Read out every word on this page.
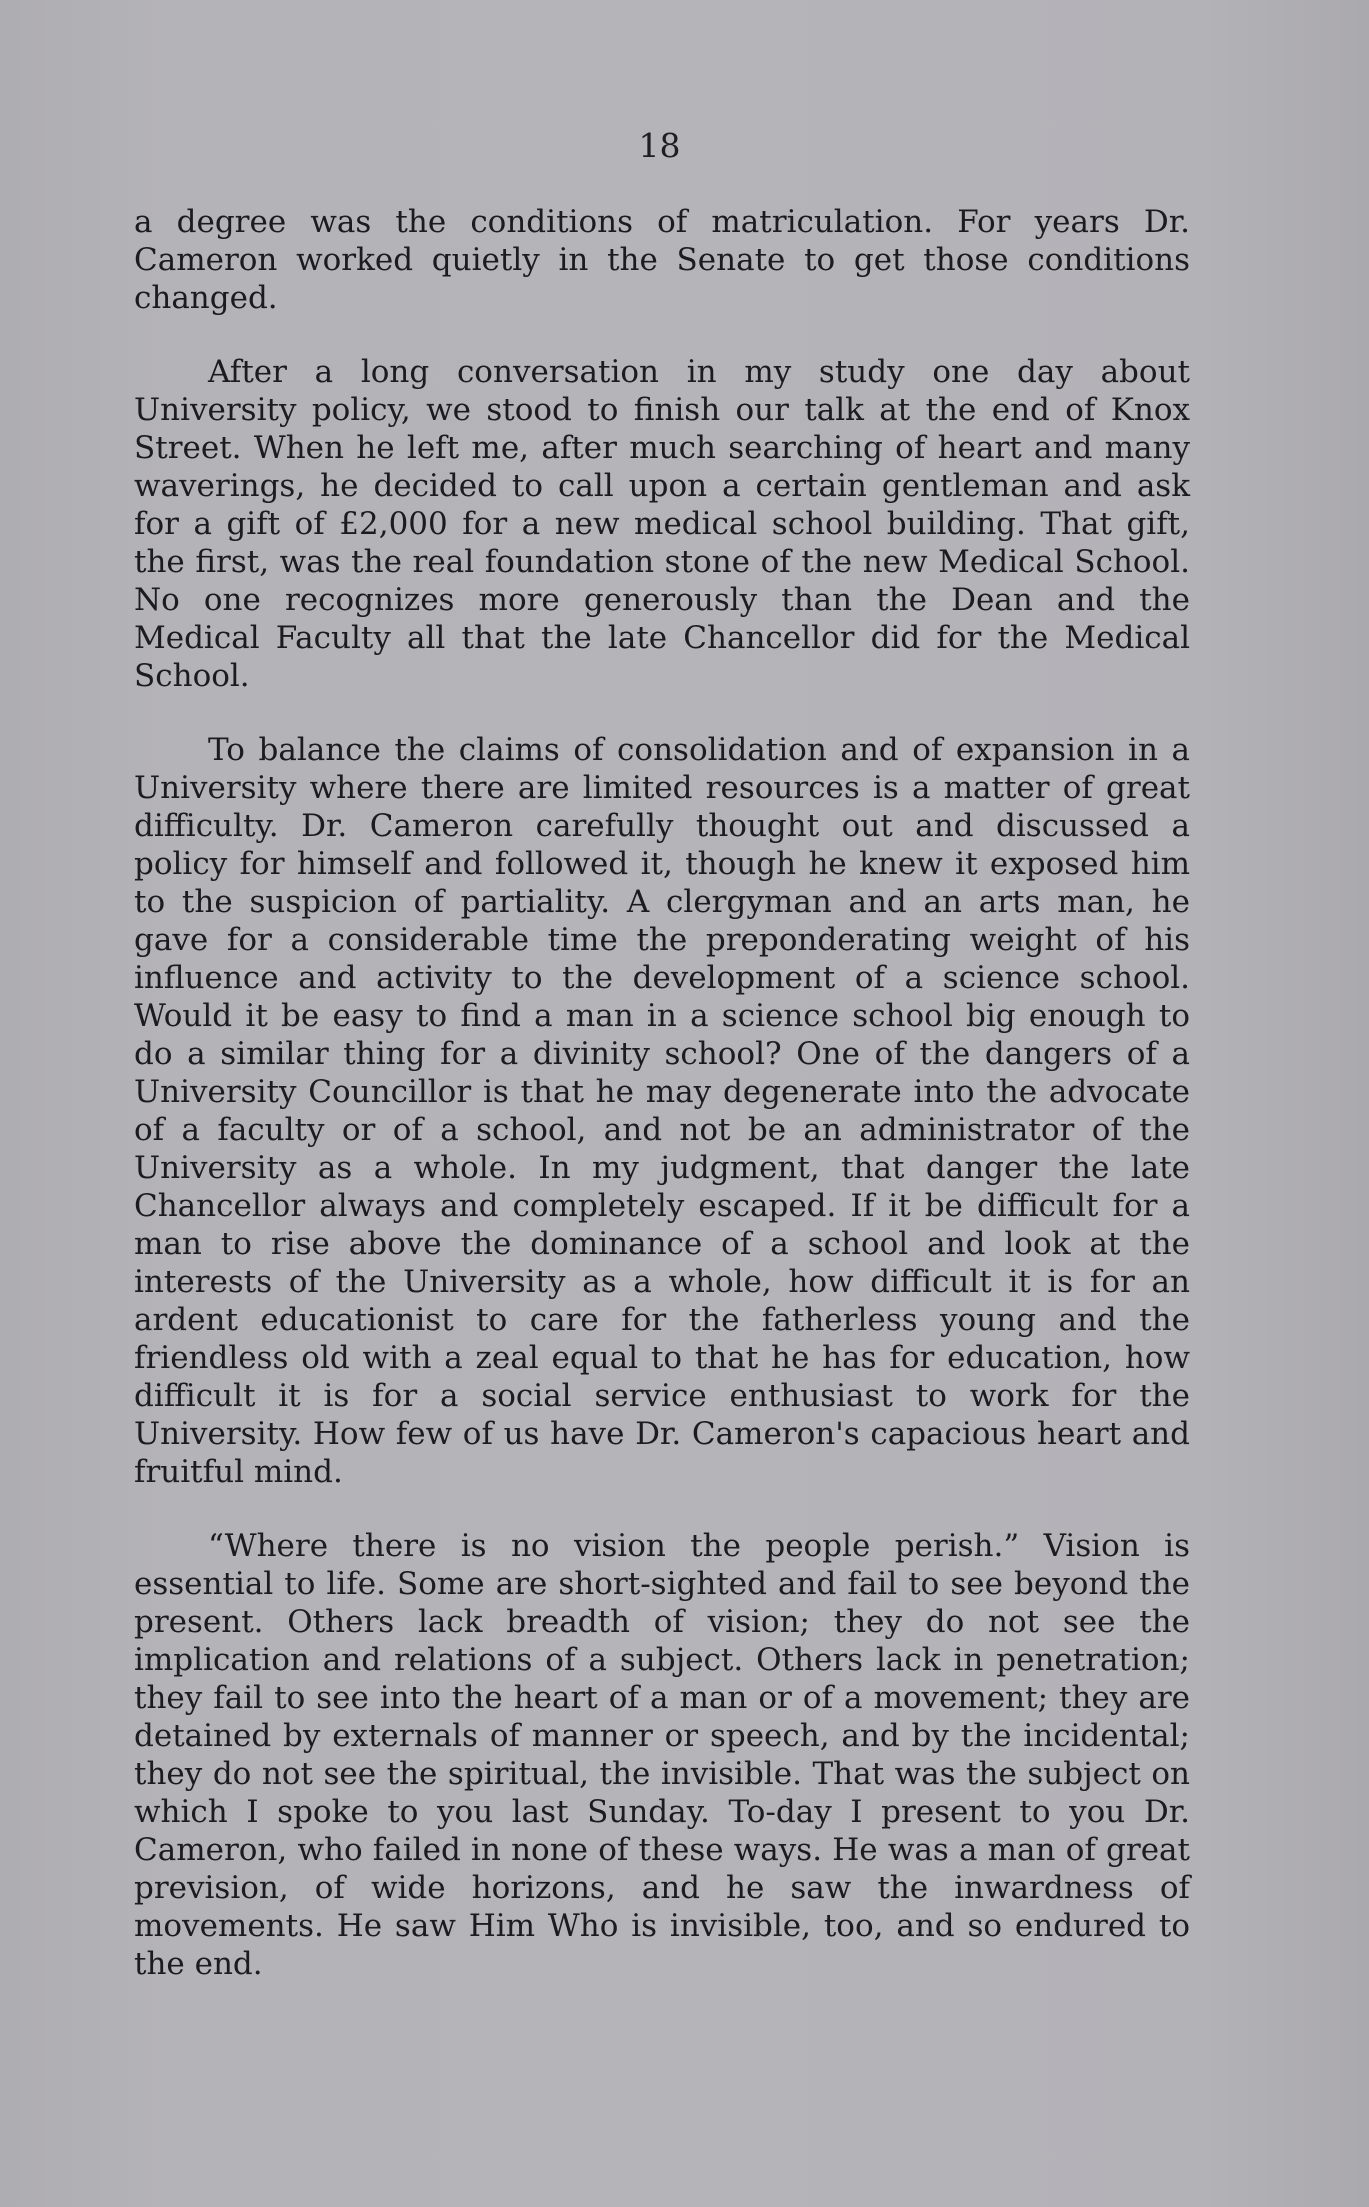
18

a degree was the conditions of matriculation. For years Dr. Cameron worked quietly in the Senate to get those conditions changed.

After a long conversation in my study one day about University policy, we stood to finish our talk at the end of Knox Street. When he left me, after much searching of heart and many waverings, he decided to call upon a certain gentleman and ask for a gift of £2,000 for a new medical school building. That gift, the first, was the real foundation stone of the new Medical School. No one recognizes more generously than the Dean and the Medical Faculty all that the late Chancellor did for the Medical School.

To balance the claims of consolidation and of expansion in a University where there are limited resources is a matter of great difficulty. Dr. Cameron carefully thought out and discussed a policy for himself and followed it, though he knew it exposed him to the suspicion of partiality. A clergyman and an arts man, he gave for a considerable time the preponderating weight of his influence and activity to the development of a science school. Would it be easy to find a man in a science school big enough to do a similar thing for a divinity school? One of the dangers of a University Councillor is that he may degenerate into the advocate of a faculty or of a school, and not be an administrator of the University as a whole. In my judgment, that danger the late Chancellor always and completely escaped. If it be difficult for a man to rise above the dominance of a school and look at the interests of the University as a whole, how difficult it is for an ardent educationist to care for the fatherless young and the friendless old with a zeal equal to that he has for education, how difficult it is for a social service enthusiast to work for the University. How few of us have Dr. Cameron's capacious heart and fruitful mind.

“Where there is no vision the people perish.” Vision is essential to life. Some are short-sighted and fail to see beyond the present. Others lack breadth of vision; they do not see the implication and relations of a subject. Others lack in penetration; they fail to see into the heart of a man or of a movement; they are detained by externals of manner or speech, and by the incidental; they do not see the spiritual, the invisible. That was the subject on which I spoke to you last Sunday. To-day I present to you Dr. Cameron, who failed in none of these ways. He was a man of great prevision, of wide horizons, and he saw the inwardness of movements. He saw Him Who is invisible, too, and so endured to the end.
